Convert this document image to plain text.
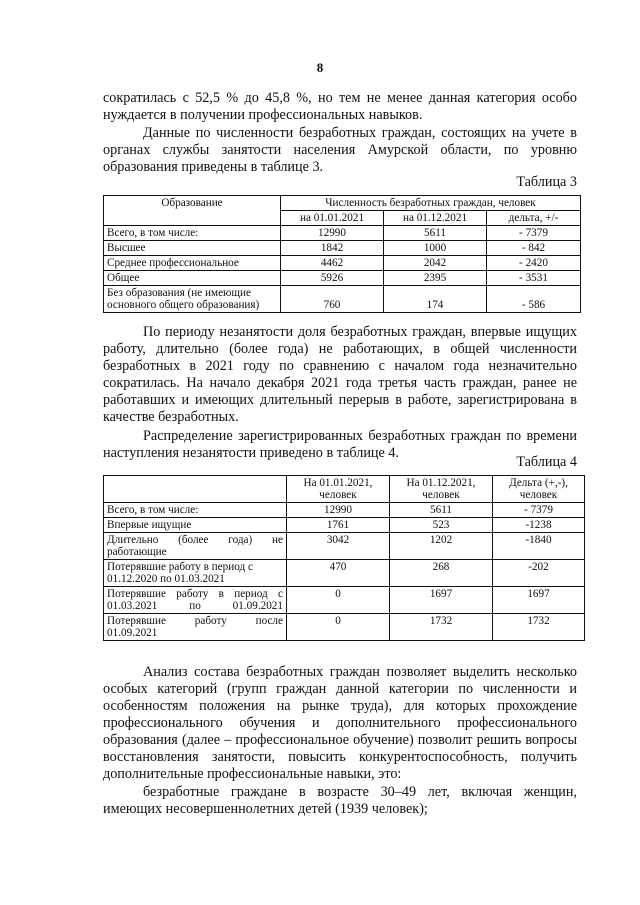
8

сократилась с 52,5 % до 45,8 %, но тем не менее данная категория особо нуждается в получении профессиональных навыков.

Данные по численности безработных граждан, состоящих на учете в органах службы занятости населения Амурской области, по уровню образования приведены в таблице 3.

Таблица 3
Образование	Численность безработных граждан, человек		
	на 01.01.2021	на 01.12.2021	дельта, +/-
Всего, в том числе:	12990	5611	- 7379
Высшее	1842	1000	- 842
Среднее профессиональное	4462	2042	- 2420
Общее	5926	2395	- 3531
Без образования (не имеющие основного общего образования)	760	174	- 586

По периоду незанятости доля безработных граждан, впервые ищущих работу, длительно (более года) не работающих, в общей численности безработных в 2021 году по сравнению с началом года незначительно сократилась. На начало декабря 2021 года третья часть граждан, ранее не работавших и имеющих длительный перерыв в работе, зарегистрирована в качестве безработных.

Распределение зарегистрированных безработных граждан по времени наступления незанятости приведено в таблице 4.

Таблица 4
	На 01.01.2021, человек	На 01.12.2021, человек	Дельта (+,-), человек
Всего, в том числе:	12990	5611	- 7379
Впервые ищущие	1761	523	-1238
Длительно (более года) не работающие	3042	1202	-1840
Потерявшие работу в период с 01.12.2020 по 01.03.2021	470	268	-202
Потерявшие работу в период с 01.03.2021 по 01.09.2021	0	1697	1697
Потерявшие работу после 01.09.2021	0	1732	1732

Анализ состава безработных граждан позволяет выделить несколько особых категорий (групп граждан данной категории по численности и особенностям положения на рынке труда), для которых прохождение профессионального обучения и дополнительного профессионального образования (далее – профессиональное обучение) позволит решить вопросы восстановления занятости, повысить конкурентоспособность, получить дополнительные профессиональные навыки, это:

безработные граждане в возрасте 30–49 лет, включая женщин, имеющих несовершеннолетних детей (1939 человек);
